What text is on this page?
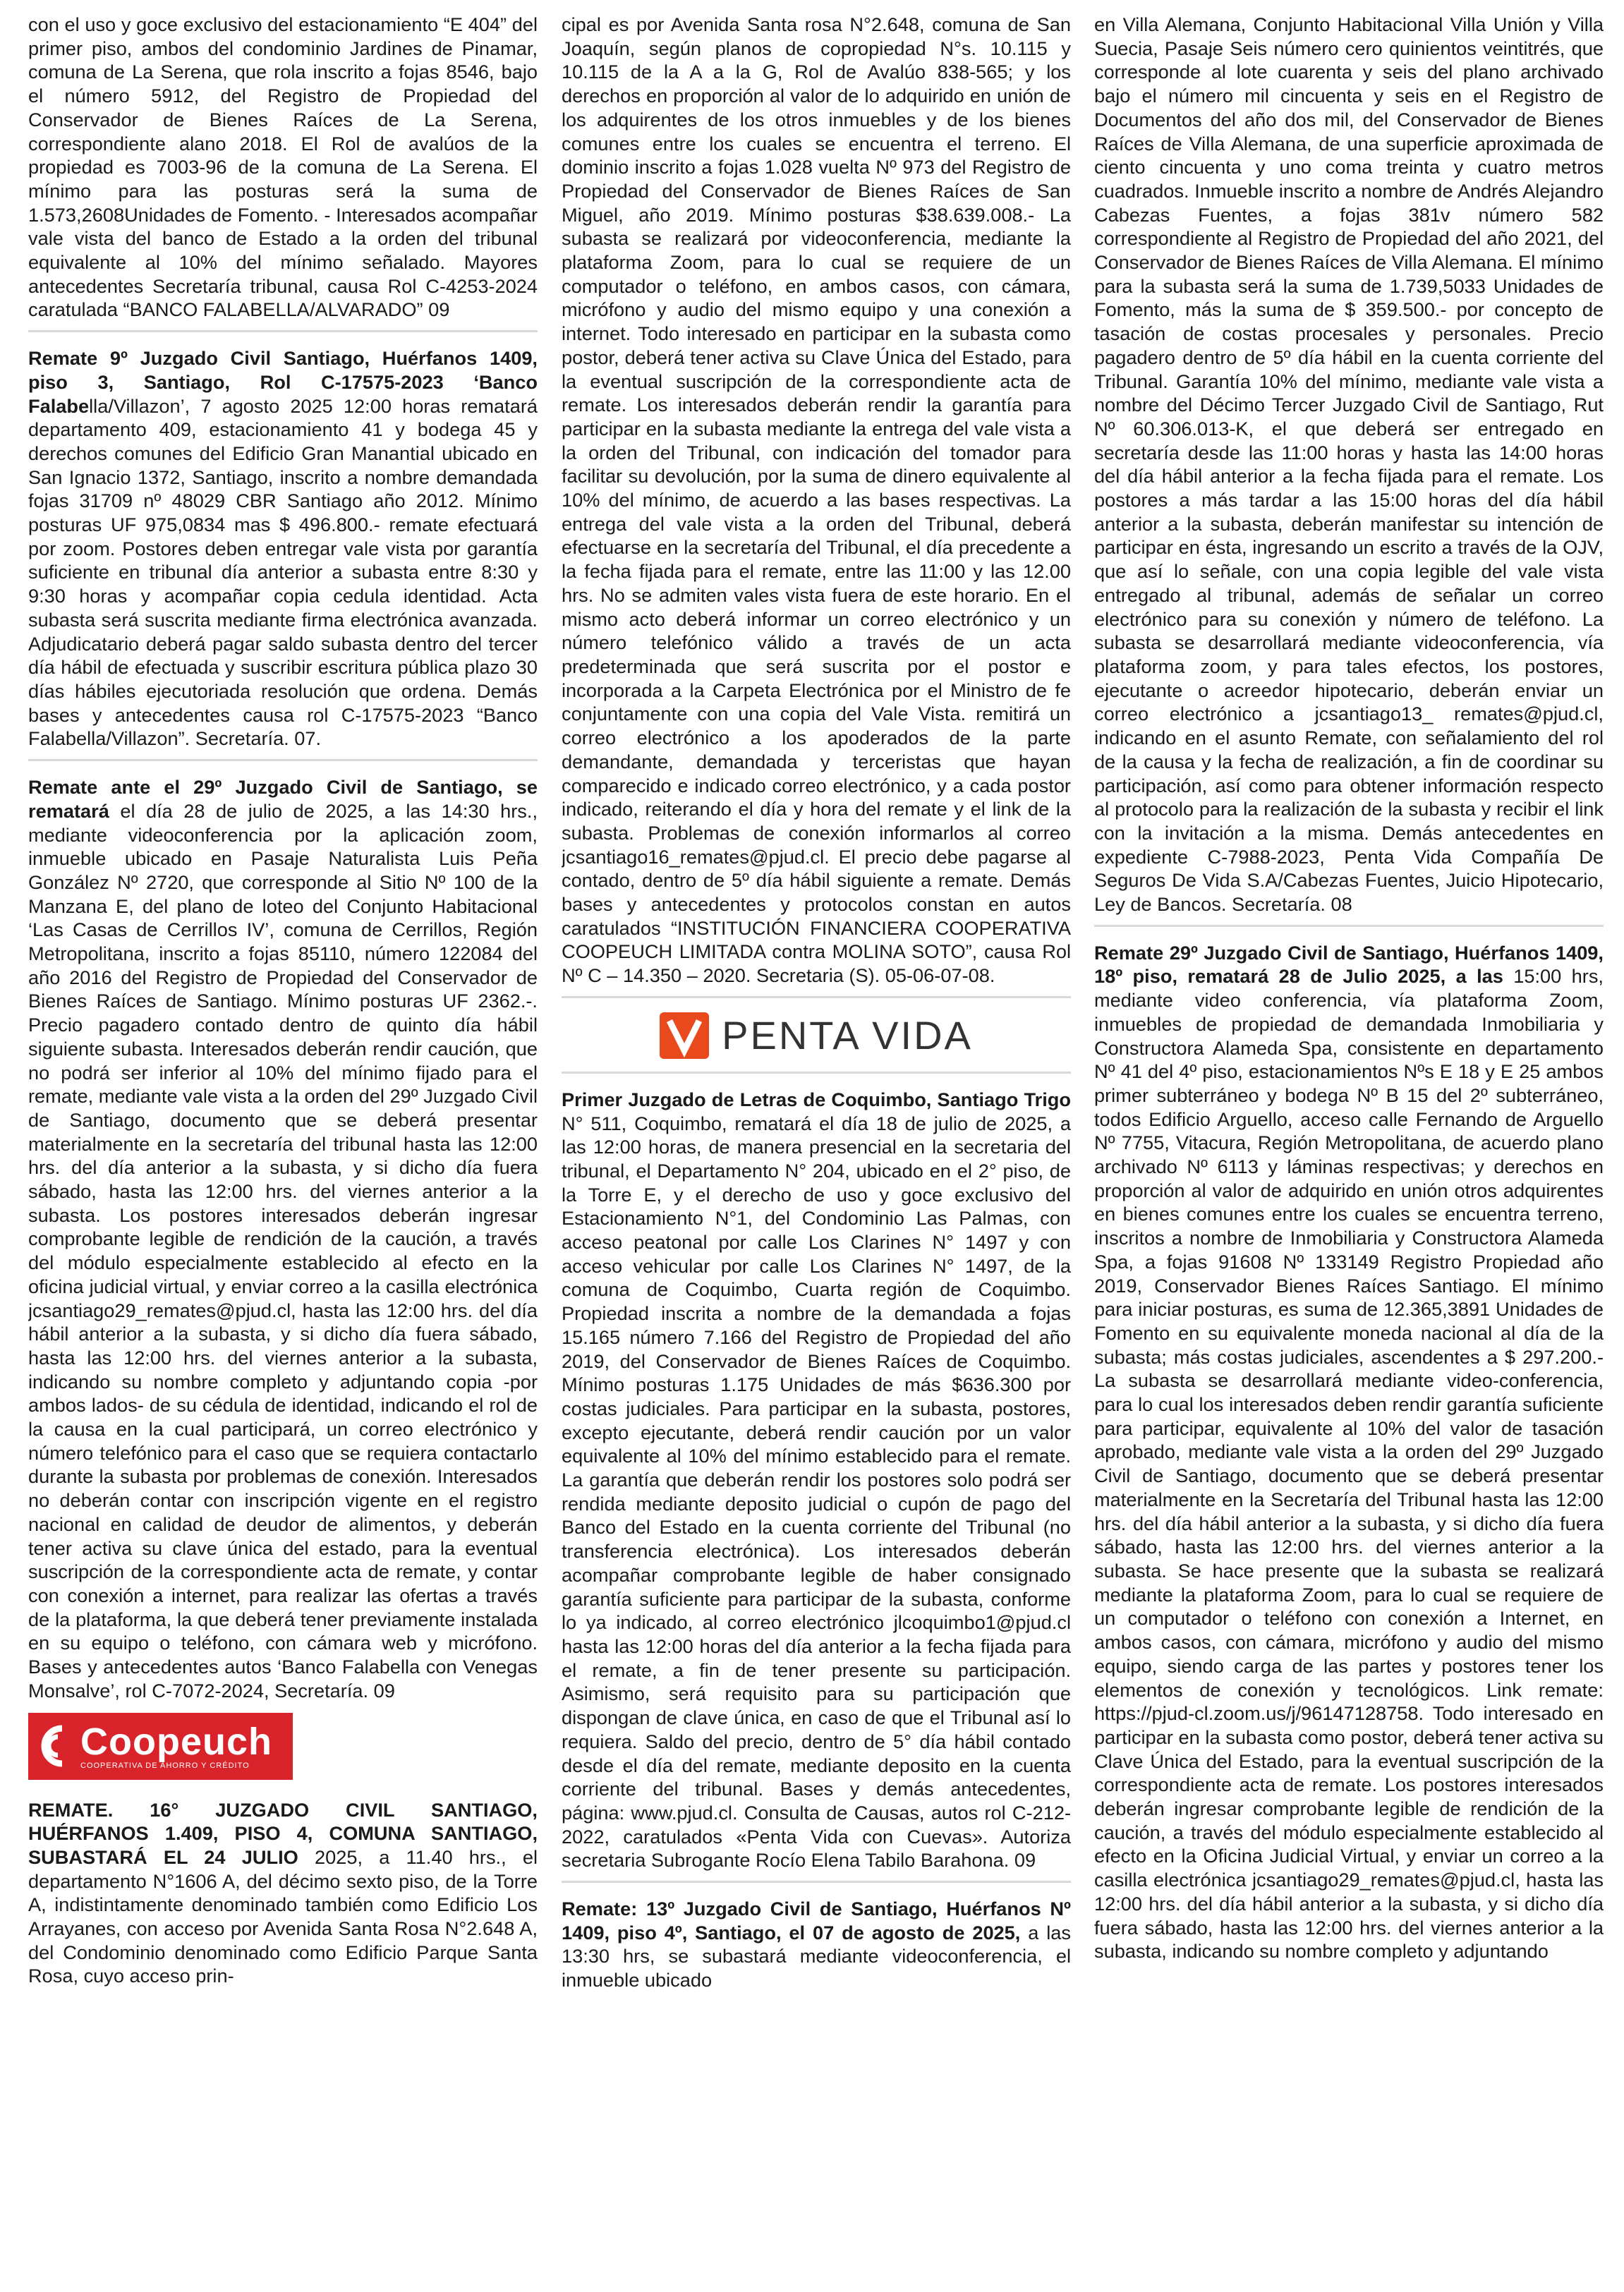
con el uso y goce exclusivo del estacionamiento “E 404” del primer piso, ambos del condominio Jardines de Pinamar, comuna de La Serena, que rola inscrito a fojas 8546, bajo el número 5912, del Registro de Propiedad del Conservador de Bienes Raíces de La Serena, correspondiente alano 2018. El Rol de avalúos de la propiedad es 7003-96 de la comuna de La Serena. El mínimo para las posturas será la suma de 1.573,2608Unidades de Fomento. - Interesados acompañar vale vista del banco de Estado a la orden del tribunal equivalente al 10% del mínimo señalado. Mayores antecedentes Secretaría tribunal, causa Rol C-4253-2024 caratulada “BANCO FALABELLA/ALVARADO” 09

Remate 9º Juzgado Civil Santiago, Huérfanos 1409, piso 3, Santiago, Rol C-17575-2023 ‘Banco Falabella/Villazon’, 7 agosto 2025 12:00 horas rematará departamento 409, estacionamiento 41 y bodega 45 y derechos comunes del Edificio Gran Manantial ubicado en San Ignacio 1372, Santiago, inscrito a nombre demandada fojas 31709 nº 48029 CBR Santiago año 2012. Mínimo posturas UF 975,0834 mas $ 496.800.- remate efectuará por zoom. Postores deben entregar vale vista por garantía suficiente en tribunal día anterior a subasta entre 8:30 y 9:30 horas y acompañar copia cedula identidad. Acta subasta será suscrita mediante firma electrónica avanzada. Adjudicatario deberá pagar saldo subasta dentro del tercer día hábil de efectuada y suscribir escritura pública plazo 30 días hábiles ejecutoriada resolución que ordena. Demás bases y antecedentes causa rol C-17575-2023 “Banco Falabella/Villazon”. Secretaría. 07.

Remate ante el 29º Juzgado Civil de Santiago, se rematará el día 28 de julio de 2025, a las 14:30 hrs., mediante videoconferencia por la aplicación zoom, inmueble ubicado en Pasaje Naturalista Luis Peña González Nº 2720, que corresponde al Sitio Nº 100 de la Manzana E, del plano de loteo del Conjunto Habitacional ‘Las Casas de Cerrillos IV’, comuna de Cerrillos, Región Metropolitana, inscrito a fojas 85110, número 122084 del año 2016 del Registro de Propiedad del Conservador de Bienes Raíces de Santiago. Mínimo posturas UF 2362.-. Precio pagadero contado dentro de quinto día hábil siguiente subasta. Interesados deberán rendir caución, que no podrá ser inferior al 10% del mínimo fijado para el remate, mediante vale vista a la orden del 29º Juzgado Civil de Santiago, documento que se deberá presentar materialmente en la secretaría del tribunal hasta las 12:00 hrs. del día anterior a la subasta, y si dicho día fuera sábado, hasta las 12:00 hrs. del viernes anterior a la subasta. Los postores interesados deberán ingresar comprobante legible de rendición de la caución, a través del módulo especialmente establecido al efecto en la oficina judicial virtual, y enviar correo a la casilla electrónica jcsantiago29_remates@pjud.cl, hasta las 12:00 hrs. del día hábil anterior a la subasta, y si dicho día fuera sábado, hasta las 12:00 hrs. del viernes anterior a la subasta, indicando su nombre completo y adjuntando copia -por ambos lados- de su cédula de identidad, indicando el rol de la causa en la cual participará, un correo electrónico y número telefónico para el caso que se requiera contactarlo durante la subasta por problemas de conexión. Interesados no deberán contar con inscripción vigente en el registro nacional en calidad de deudor de alimentos, y deberán tener activa su clave única del estado, para la eventual suscripción de la correspondiente acta de remate, y contar con conexión a internet, para realizar las ofertas a través de la plataforma, la que deberá tener previamente instalada en su equipo o teléfono, con cámara web y micrófono. Bases y antecedentes autos ‘Banco Falabella con Venegas Monsalve’, rol C-7072-2024, Secretaría. 09

Coopeuch
COOPERATIVA DE AHORRO Y CRÉDITO

REMATE. 16° JUZGADO CIVIL SANTIAGO, HUÉRFANOS 1.409, PISO 4, COMUNA SANTIAGO, SUBASTARÁ EL 24 JULIO 2025, a 11.40 hrs., el departamento N°1606 A, del décimo sexto piso, de la Torre A, indistintamente denominado también como Edificio Los Arrayanes, con acceso por Avenida Santa Rosa N°2.648 A, del Condominio denominado como Edificio Parque Santa Rosa, cuyo acceso prin-

cipal es por Avenida Santa rosa N°2.648, comuna de San Joaquín, según planos de copropiedad N°s. 10.115 y 10.115 de la A a la G, Rol de Avalúo 838-565; y los derechos en proporción al valor de lo adquirido en unión de los adquirentes de los otros inmuebles y de los bienes comunes entre los cuales se encuentra el terreno. El dominio inscrito a fojas 1.028 vuelta Nº 973 del Registro de Propiedad del Conservador de Bienes Raíces de San Miguel, año 2019. Mínimo posturas $38.639.008.- La subasta se realizará por videoconferencia, mediante la plataforma Zoom, para lo cual se requiere de un computador o teléfono, en ambos casos, con cámara, micrófono y audio del mismo equipo y una conexión a internet. Todo interesado en participar en la subasta como postor, deberá tener activa su Clave Única del Estado, para la eventual suscripción de la correspondiente acta de remate. Los interesados deberán rendir la garantía para participar en la subasta mediante la entrega del vale vista a la orden del Tribunal, con indicación del tomador para facilitar su devolución, por la suma de dinero equivalente al 10% del mínimo, de acuerdo a las bases respectivas. La entrega del vale vista a la orden del Tribunal, deberá efectuarse en la secretaría del Tribunal, el día precedente a la fecha fijada para el remate, entre las 11:00 y las 12.00 hrs. No se admiten vales vista fuera de este horario. En el mismo acto deberá informar un correo electrónico y un número telefónico válido a través de un acta predeterminada que será suscrita por el postor e incorporada a la Carpeta Electrónica por el Ministro de fe conjuntamente con una copia del Vale Vista. remitirá un correo electrónico a los apoderados de la parte demandante, demandada y terceristas que hayan comparecido e indicado correo electrónico, y a cada postor indicado, reiterando el día y hora del remate y el link de la subasta. Problemas de conexión informarlos al correo jcsantiago16_remates@pjud.cl. El precio debe pagarse al contado, dentro de 5º día hábil siguiente a remate. Demás bases y antecedentes y protocolos constan en autos caratulados “INSTITUCIÓN FINANCIERA COOPERATIVA COOPEUCH LIMITADA contra MOLINA SOTO”, causa Rol Nº C – 14.350 – 2020. Secretaria (S). 05-06-07-08.

PENTA VIDA

Primer Juzgado de Letras de Coquimbo, Santiago Trigo N° 511, Coquimbo, rematará el día 18 de julio de 2025, a las 12:00 horas, de manera presencial en la secretaria del tribunal, el Departamento N° 204, ubicado en el 2° piso, de la Torre E, y el derecho de uso y goce exclusivo del Estacionamiento N°1, del Condominio Las Palmas, con acceso peatonal por calle Los Clarines N° 1497 y con acceso vehicular por calle Los Clarines N° 1497, de la comuna de Coquimbo, Cuarta región de Coquimbo. Propiedad inscrita a nombre de la demandada a fojas 15.165 número 7.166 del Registro de Propiedad del año 2019, del Conservador de Bienes Raíces de Coquimbo. Mínimo posturas 1.175 Unidades de más $636.300 por costas judiciales. Para participar en la subasta, postores, excepto ejecutante, deberá rendir caución por un valor equivalente al 10% del mínimo establecido para el remate. La garantía que deberán rendir los postores solo podrá ser rendida mediante deposito judicial o cupón de pago del Banco del Estado en la cuenta corriente del Tribunal (no transferencia electrónica). Los interesados deberán acompañar comprobante legible de haber consignado garantía suficiente para participar de la subasta, conforme lo ya indicado, al correo electrónico jlcoquimbo1@pjud.cl hasta las 12:00 horas del día anterior a la fecha fijada para el remate, a fin de tener presente su participación. Asimismo, será requisito para su participación que dispongan de clave única, en caso de que el Tribunal así lo requiera. Saldo del precio, dentro de 5° día hábil contado desde el día del remate, mediante deposito en la cuenta corriente del tribunal. Bases y demás antecedentes, página: www.pjud.cl. Consulta de Causas, autos rol C-212-2022, caratulados «Penta Vida con Cuevas». Autoriza secretaria Subrogante Rocío Elena Tabilo Barahona. 09

Remate: 13º Juzgado Civil de Santiago, Huérfanos Nº 1409, piso 4º, Santiago, el 07 de agosto de 2025, a las 13:30 hrs, se subastará mediante videoconferencia, el inmueble ubicado

en Villa Alemana, Conjunto Habitacional Villa Unión y Villa Suecia, Pasaje Seis número cero quinientos veintitrés, que corresponde al lote cuarenta y seis del plano archivado bajo el número mil cincuenta y seis en el Registro de Documentos del año dos mil, del Conservador de Bienes Raíces de Villa Alemana, de una superficie aproximada de ciento cincuenta y uno coma treinta y cuatro metros cuadrados. Inmueble inscrito a nombre de Andrés Alejandro Cabezas Fuentes, a fojas 381v número 582 correspondiente al Registro de Propiedad del año 2021, del Conservador de Bienes Raíces de Villa Alemana. El mínimo para la subasta será la suma de 1.739,5033 Unidades de Fomento, más la suma de $ 359.500.- por concepto de tasación de costas procesales y personales. Precio pagadero dentro de 5º día hábil en la cuenta corriente del Tribunal. Garantía 10% del mínimo, mediante vale vista a nombre del Décimo Tercer Juzgado Civil de Santiago, Rut Nº 60.306.013-K, el que deberá ser entregado en secretaría desde las 11:00 horas y hasta las 14:00 horas del día hábil anterior a la fecha fijada para el remate. Los postores a más tardar a las 15:00 horas del día hábil anterior a la subasta, deberán manifestar su intención de participar en ésta, ingresando un escrito a través de la OJV, que así lo señale, con una copia legible del vale vista entregado al tribunal, además de señalar un correo electrónico para su conexión y número de teléfono. La subasta se desarrollará mediante videoconferencia, vía plataforma zoom, y para tales efectos, los postores, ejecutante o acreedor hipotecario, deberán enviar un correo electrónico a jcsantiago13_ remates@pjud.cl, indicando en el asunto Remate, con señalamiento del rol de la causa y la fecha de realización, a fin de coordinar su participación, así como para obtener información respecto al protocolo para la realización de la subasta y recibir el link con la invitación a la misma. Demás antecedentes en expediente C-7988-2023, Penta Vida Compañía De Seguros De Vida S.A/Cabezas Fuentes, Juicio Hipotecario, Ley de Bancos. Secretaría. 08

Remate 29º Juzgado Civil de Santiago, Huérfanos 1409, 18º piso, rematará 28 de Julio 2025, a las 15:00 hrs, mediante video conferencia, vía plataforma Zoom, inmuebles de propiedad de demandada Inmobiliaria y Constructora Alameda Spa, consistente en departamento Nº 41 del 4º piso, estacionamientos Nºs E 18 y E 25 ambos primer subterráneo y bodega Nº B 15 del 2º subterráneo, todos Edificio Arguello, acceso calle Fernando de Arguello Nº 7755, Vitacura, Región Metropolitana, de acuerdo plano archivado Nº 6113 y láminas respectivas; y derechos en proporción al valor de adquirido en unión otros adquirentes en bienes comunes entre los cuales se encuentra terreno, inscritos a nombre de Inmobiliaria y Constructora Alameda Spa, a fojas 91608 Nº 133149 Registro Propiedad año 2019, Conservador Bienes Raíces Santiago. El mínimo para iniciar posturas, es suma de 12.365,3891 Unidades de Fomento en su equivalente moneda nacional al día de la subasta; más costas judiciales, ascendentes a $ 297.200.- La subasta se desarrollará mediante video-conferencia, para lo cual los interesados deben rendir garantía suficiente para participar, equivalente al 10% del valor de tasación aprobado, mediante vale vista a la orden del 29º Juzgado Civil de Santiago, documento que se deberá presentar materialmente en la Secretaría del Tribunal hasta las 12:00 hrs. del día hábil anterior a la subasta, y si dicho día fuera sábado, hasta las 12:00 hrs. del viernes anterior a la subasta. Se hace presente que la subasta se realizará mediante la plataforma Zoom, para lo cual se requiere de un computador o teléfono con conexión a Internet, en ambos casos, con cámara, micrófono y audio del mismo equipo, siendo carga de las partes y postores tener los elementos de conexión y tecnológicos. Link remate: https://pjud-cl.zoom.us/j/96147128758. Todo interesado en participar en la subasta como postor, deberá tener activa su Clave Única del Estado, para la eventual suscripción de la correspondiente acta de remate. Los postores interesados deberán ingresar comprobante legible de rendición de la caución, a través del módulo especialmente establecido al efecto en la Oficina Judicial Virtual, y enviar un correo a la casilla electrónica jcsantiago29_remates@pjud.cl, hasta las 12:00 hrs. del día hábil anterior a la subasta, y si dicho día fuera sábado, hasta las 12:00 hrs. del viernes anterior a la subasta, indicando su nombre completo y adjuntando
